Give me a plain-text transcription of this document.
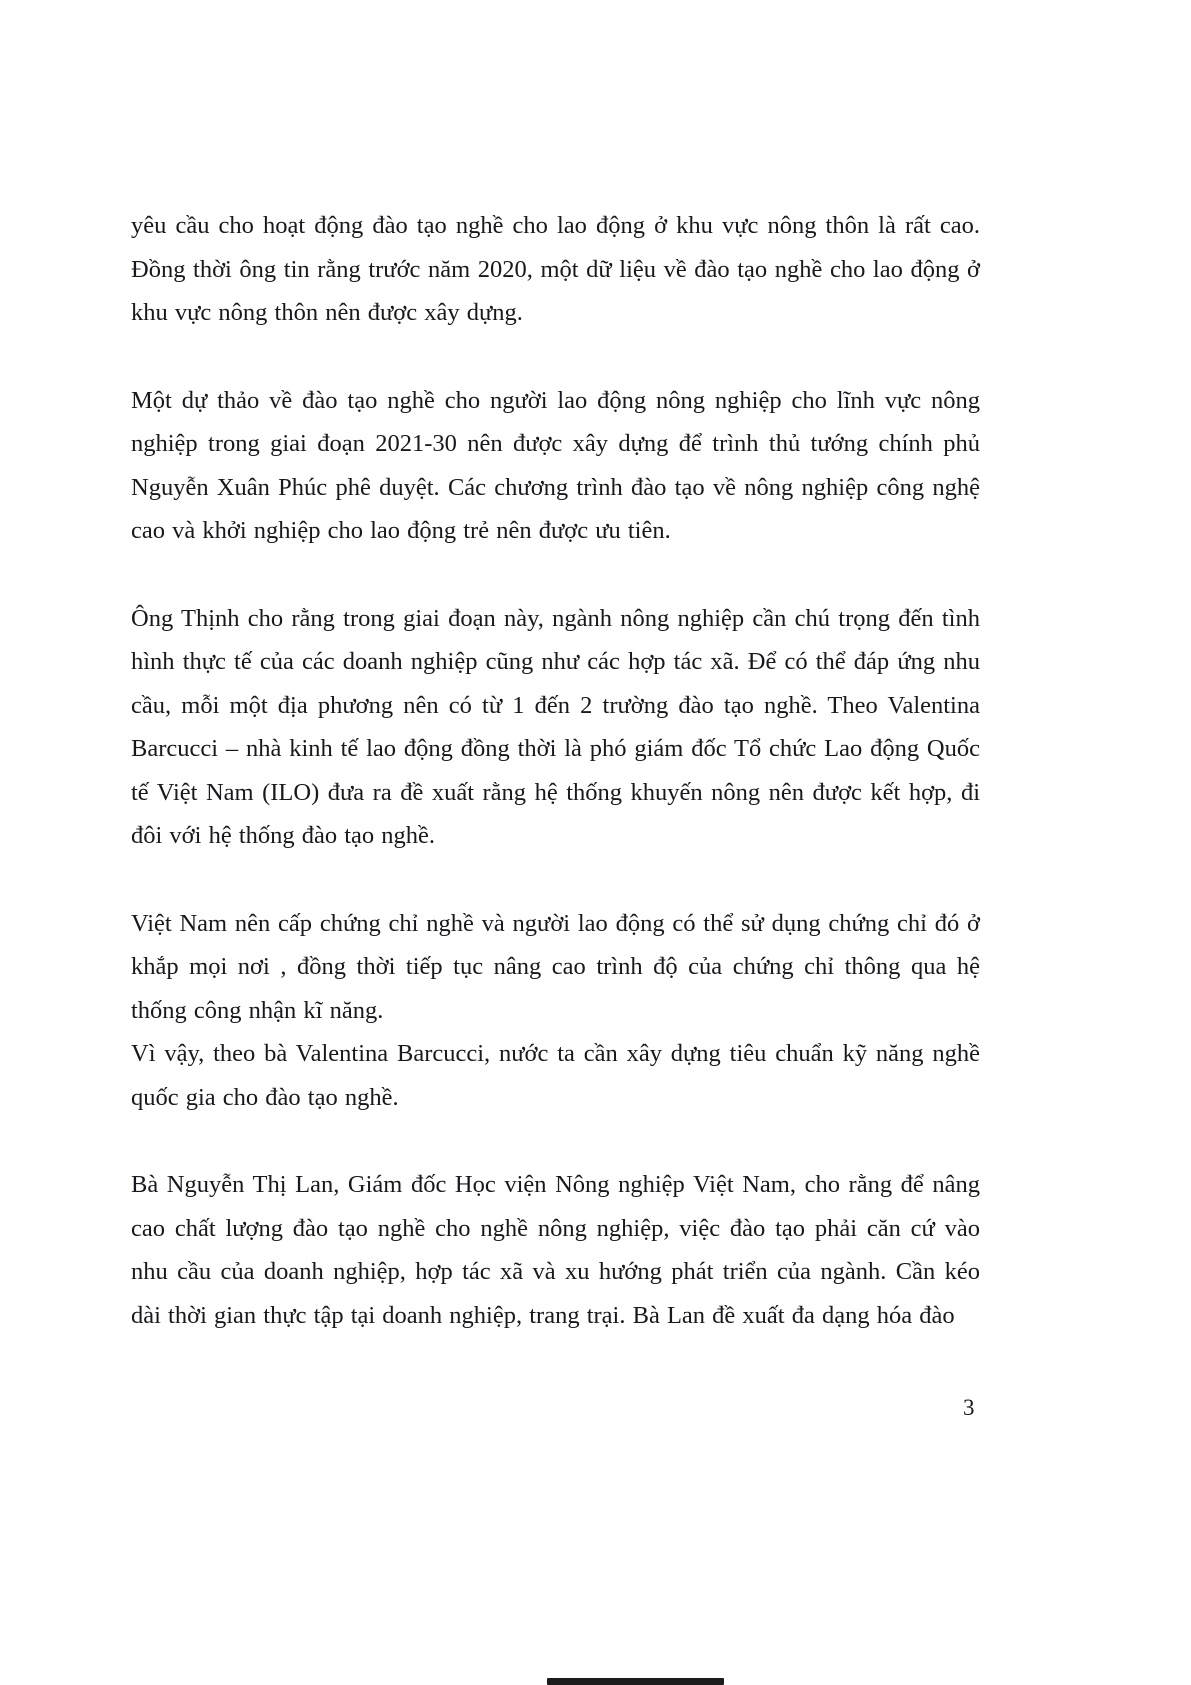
yêu cầu cho hoạt động đào tạo nghề cho lao động ở khu vực nông thôn là rất cao. Đồng thời ông tin rằng trước năm 2020, một dữ liệu về đào tạo nghề cho lao động ở khu vực nông thôn nên được xây dựng.

Một dự thảo về đào tạo nghề cho người lao động nông nghiệp cho lĩnh vực nông nghiệp trong giai đoạn 2021-30 nên được xây dựng để trình thủ tướng chính phủ Nguyễn Xuân Phúc phê duyệt. Các chương trình đào tạo về nông nghiệp công nghệ cao và khởi nghiệp cho lao động trẻ nên được ưu tiên.

Ông Thịnh cho rằng trong giai đoạn này, ngành nông nghiệp cần chú trọng đến tình hình thực tế của các doanh nghiệp cũng như các hợp tác xã. Để có thể đáp ứng nhu cầu, mỗi một địa phương nên có từ 1 đến 2 trường đào tạo nghề. Theo Valentina Barcucci – nhà kinh tế lao động đồng thời là phó giám đốc Tổ chức Lao động Quốc tế Việt Nam (ILO) đưa ra đề xuất rằng hệ thống khuyến nông nên được kết hợp, đi đôi với hệ thống đào tạo nghề.

Việt Nam nên cấp chứng chỉ nghề và người lao động có thể sử dụng chứng chỉ đó ở khắp mọi nơi , đồng thời tiếp tục nâng cao trình độ của chứng chỉ thông qua hệ thống công nhận kĩ năng.

Vì vậy, theo bà Valentina Barcucci, nước ta cần xây dựng tiêu chuẩn kỹ năng nghề quốc gia cho đào tạo nghề.

Bà Nguyễn Thị Lan, Giám đốc Học viện Nông nghiệp Việt Nam, cho rằng để nâng cao chất lượng đào tạo nghề cho nghề nông nghiệp, việc đào tạo phải căn cứ vào nhu cầu của doanh nghiệp, hợp tác xã và xu hướng phát triển của ngành. Cần kéo dài thời gian thực tập tại doanh nghiệp, trang trại. Bà Lan đề xuất đa dạng hóa đào

3
